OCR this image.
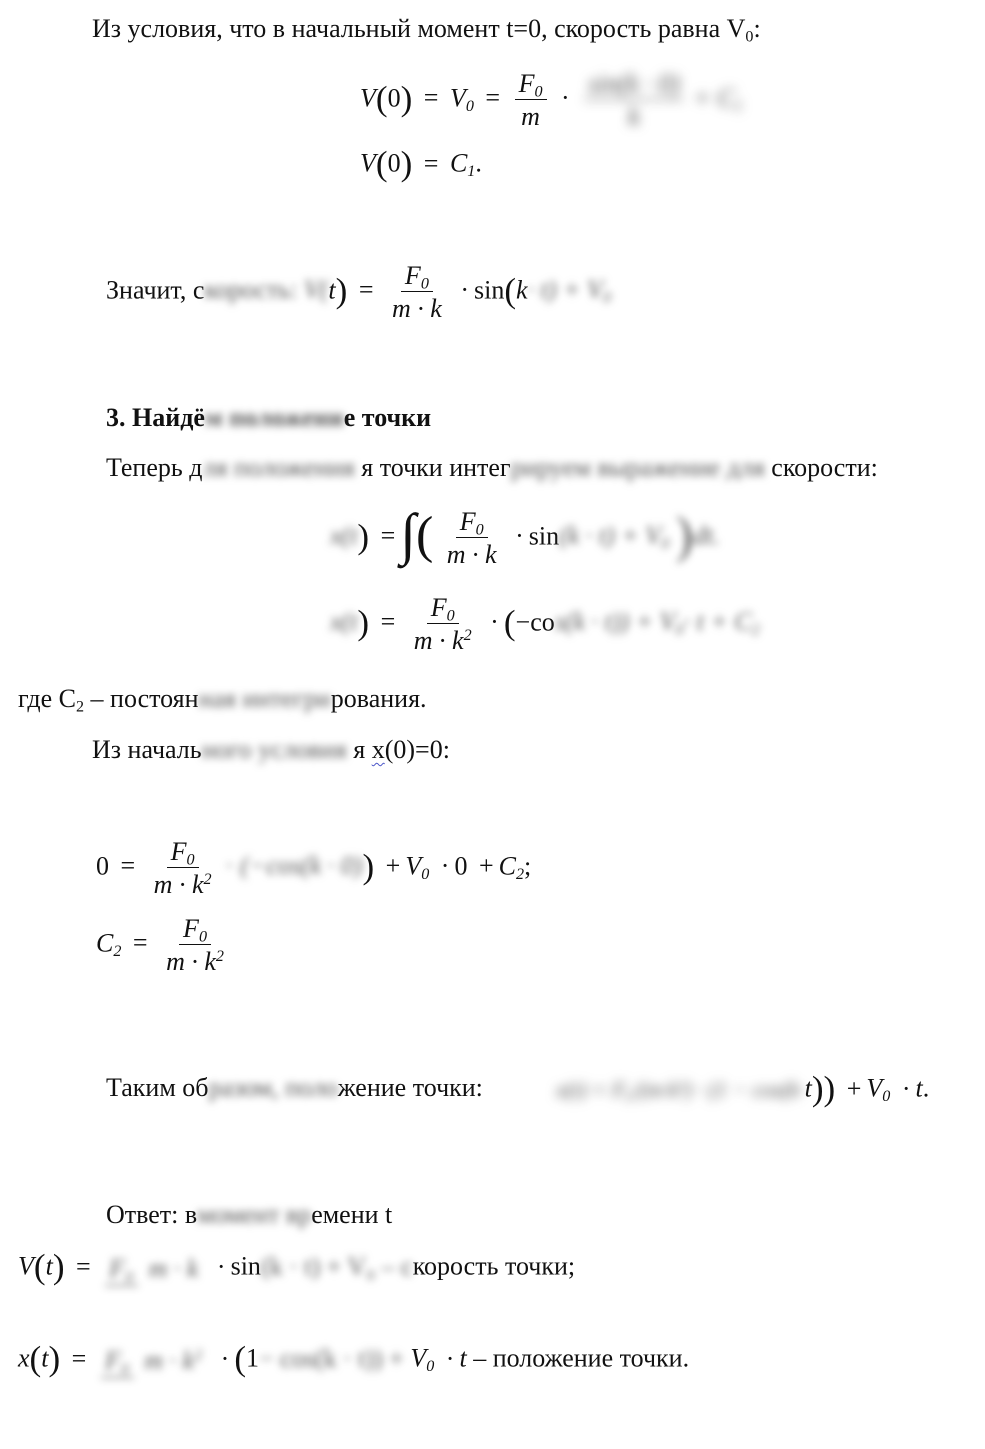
Из условия, что в начальный момент t=0, скорость равна $V_0$:
$V(0) = V_0 = \frac{F_0}{m} \cdot \frac{\sin(k \cdot 0)}{k} + C_1$
$V(0) = C_1$.
Значит, скорость: $V(t) = \frac{F_0}{m \cdot k} \cdot \sin(k\cdot t) + V_0$
3. Найдём положение точки
Теперь для положения я точки интегрируем выражение для скорости:
x(t) =∫( $\frac{F_0}{m \cdot k} \cdot \sin(k \cdot t) + V_0$ )dt.
$x(t) = \frac{F_0}{m \cdot k^2} \cdot (-\cos(k \cdot t)) + V_0\cdot t + C_2$
где $C_2$ – постоянная интегрирования.
Из начального условия я x(0)=0:
$0 = \frac{F_0}{m \cdot k^2} \cdot (-\cos(k \cdot 0)) + V_0 \cdot 0 + C_2$;
$C_2 = \frac{F_0}{m \cdot k^2}$
Таким образом, положение точки:	$x(t) = F_0/(m\cdot k^2) \cdot (1 - \cos(k\cdot t)) + V_0 \cdot t$.
Ответ: вмомент времени t
V(t) = F₀ m · k · sin(k · t) + V₀ – скорость точки;
x(t) = F₀ $m \cdot k^2 \cdot (1- \cos(k \cdot t)) + V_0 \cdot t$ – положение точки.
